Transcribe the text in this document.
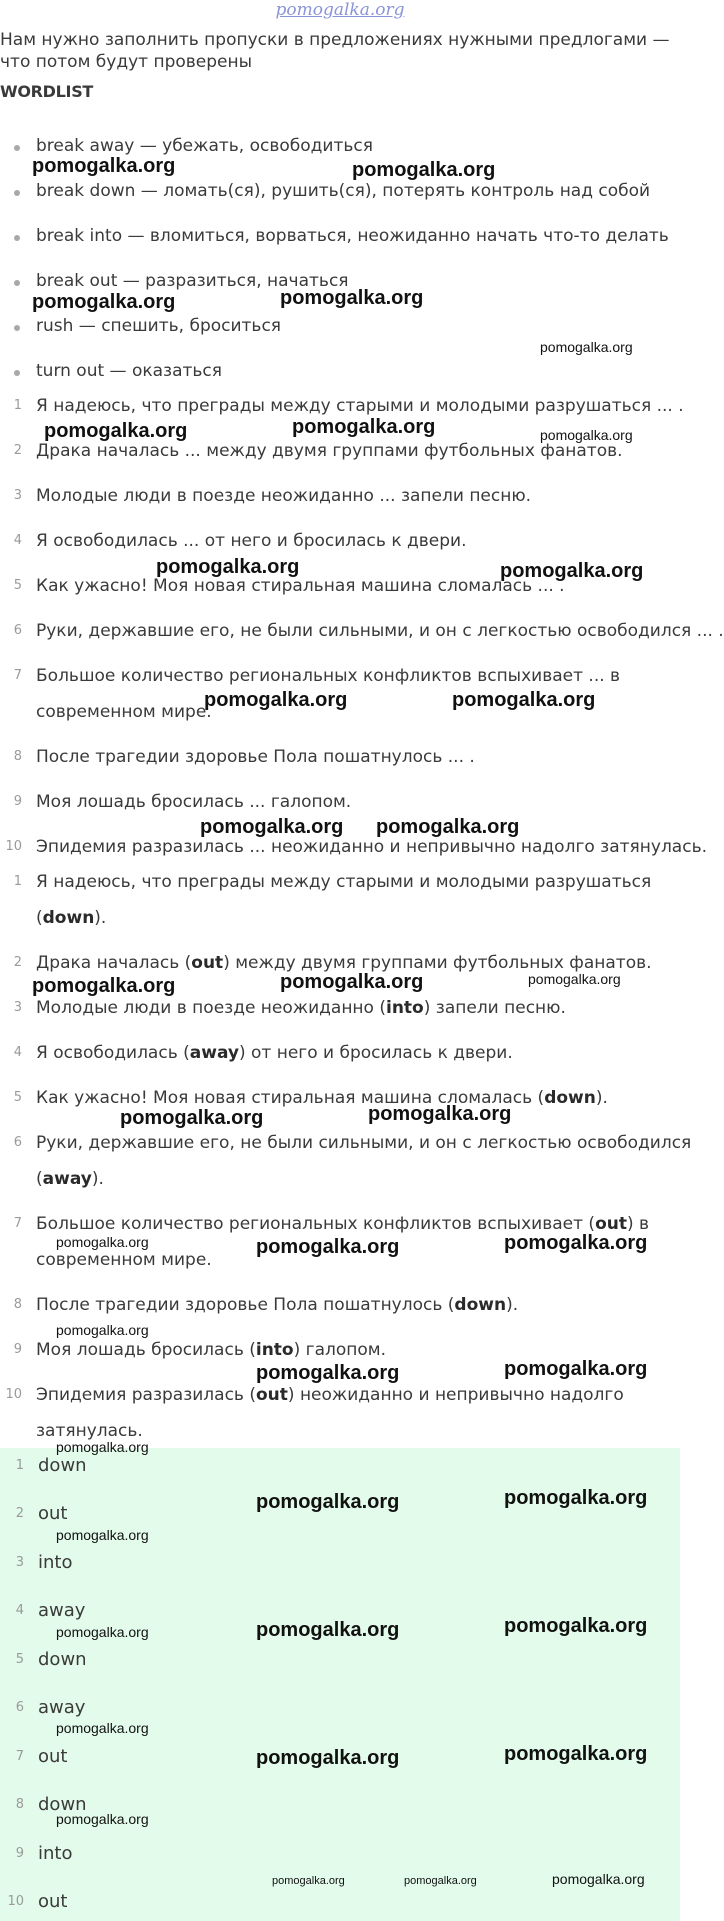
pomogalka.org
Нам нужно заполнить пропуски в предложениях нужными предлогами —
что потом будут проверены
WORDLIST
break away — убежать, освободиться
break down — ломать(ся), рушить(ся), потерять контроль над собой
break into — вломиться, ворваться, неожиданно начать что-то делать
break out — разразиться, начаться
rush — спешить, броситься
turn out — оказаться
1 Я надеюсь, что преграды между старыми и молодыми разрушаться ... .
2 Драка началась ... между двумя группами футбольных фанатов.
3 Молодые люди в поезде неожиданно ... запели песню.
4 Я освободилась ... от него и бросилась к двери.
5 Как ужасно! Моя новая стиральная машина сломалась ... .
6 Руки, державшие его, не были сильными, и он с легкостью освободился ... .
7 Большое количество региональных конфликтов вспыхивает ... в
современном мире.
8 После трагедии здоровье Пола пошатнулось ... .
9 Моя лошадь бросилась ... галопом.
10 Эпидемия разразилась ... неожиданно и непривычно надолго затянулась.
1 Я надеюсь, что преграды между старыми и молодыми разрушаться
(down).
2 Драка началась (out) между двумя группами футбольных фанатов.
3 Молодые люди в поезде неожиданно (into) запели песню.
4 Я освободилась (away) от него и бросилась к двери.
5 Как ужасно! Моя новая стиральная машина сломалась (down).
6 Руки, державшие его, не были сильными, и он с легкостью освободился
(away).
7 Большое количество региональных конфликтов вспыхивает (out) в
современном мире.
8 После трагедии здоровье Пола пошатнулось (down).
9 Моя лошадь бросилась (into) галопом.
10 Эпидемия разразилась (out) неожиданно и непривычно надолго
затянулась.
1 down
2 out
3 into
4 away
5 down
6 away
7 out
8 down
9 into
10 out
pomogalka.org	pomogalka.org
pomogalka.org	pomogalka.org
pomogalka.org
pomogalka.org	pomogalka.org	pomogalka.org
pomogalka.org	pomogalka.org
pomogalka.org	pomogalka.org
pomogalka.org pomogalka.org
pomogalka.org	pomogalka.org	pomogalka.org
pomogalka.org	pomogalka.org
pomogalka.org	pomogalka.org	pomogalka.org
pomogalka.org
pomogalka.org	pomogalka.org
pomogalka.org
pomogalka.org	pomogalka.org
pomogalka.org
pomogalka.org	pomogalka.org
pomogalka.org
pomogalka.org
pomogalka.org	pomogalka.org
pomogalka.org
pomogalka.org	pomogalka.org	pomogalka.org
